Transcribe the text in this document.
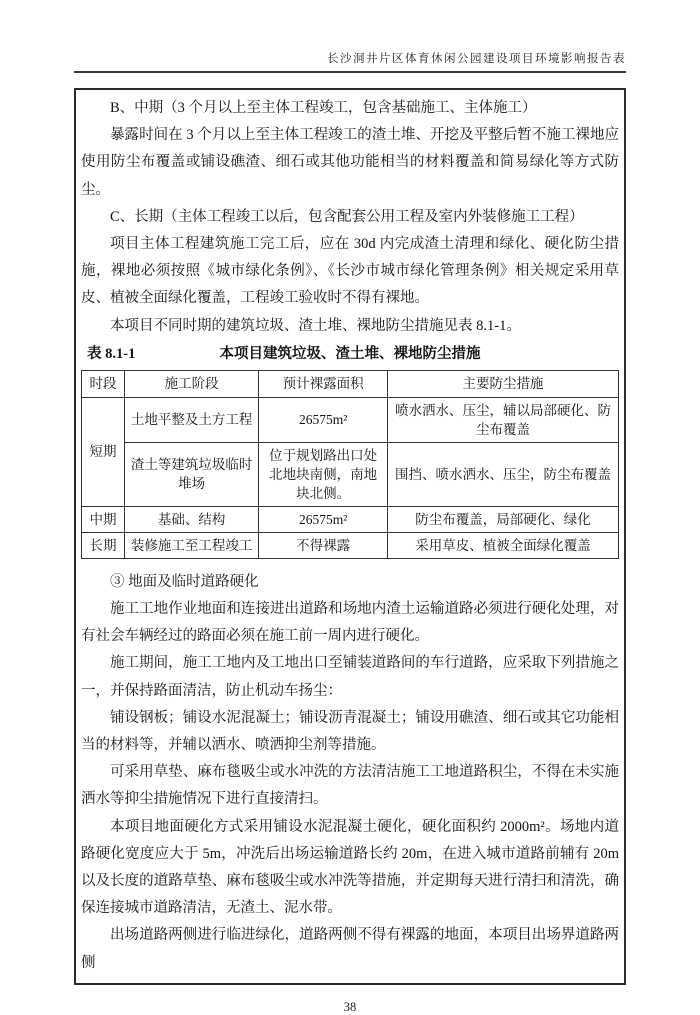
长沙洞井片区体育休闲公园建设项目环境影响报告表

B、中期（3 个月以上至主体工程竣工，包含基础施工、主体施工）

暴露时间在 3 个月以上至主体工程竣工的渣土堆、开挖及平整后暂不施工裸地应使用防尘布覆盖或铺设礁渣、细石或其他功能相当的材料覆盖和简易绿化等方式防尘。

C、长期（主体工程竣工以后，包含配套公用工程及室内外装修施工工程）

项目主体工程建筑施工完工后，应在 30d 内完成渣土清理和绿化、硬化防尘措施，裸地必须按照《城市绿化条例》、《长沙市城市绿化管理条例》相关规定采用草皮、植被全面绿化覆盖，工程竣工验收时不得有裸地。

本项目不同时期的建筑垃圾、渣土堆、裸地防尘措施见表 8.1-1。

表 8.1-1	本项目建筑垃圾、渣土堆、裸地防尘措施
时段	施工阶段	预计裸露面积	主要防尘措施
短期	土地平整及土方工程	26575m²	喷水洒水、压尘，辅以局部硬化、防尘布覆盖
	渣土等建筑垃圾临时堆场	位于规划路出口处北地块南侧，南地块北侧。	围挡、喷水洒水、压尘，防尘布覆盖
中期	基础、结构	26575m²	防尘布覆盖，局部硬化、绿化
长期	装修施工至工程竣工	不得裸露	采用草皮、植被全面绿化覆盖

③ 地面及临时道路硬化

施工工地作业地面和连接进出道路和场地内渣土运输道路必须进行硬化处理，对有社会车辆经过的路面必须在施工前一周内进行硬化。

施工期间，施工工地内及工地出口至铺装道路间的车行道路，应采取下列措施之一，并保持路面清洁，防止机动车扬尘：

铺设钢板；铺设水泥混凝土；铺设沥青混凝土；铺设用礁渣、细石或其它功能相当的材料等，并辅以洒水、喷洒抑尘剂等措施。

可采用草垫、麻布毯吸尘或水冲洗的方法清洁施工工地道路积尘，不得在未实施洒水等抑尘措施情况下进行直接清扫。

本项目地面硬化方式采用铺设水泥混凝土硬化，硬化面积约 2000m²。场地内道路硬化宽度应大于 5m，冲洗后出场运输道路长约 20m，在进入城市道路前辅有 20m 以及长度的道路草垫、麻布毯吸尘或水冲洗等措施，并定期每天进行清扫和清洗，确保连接城市道路清洁，无渣土、泥水带。

出场道路两侧进行临进绿化，道路两侧不得有裸露的地面，本项目出场界道路两侧

38
